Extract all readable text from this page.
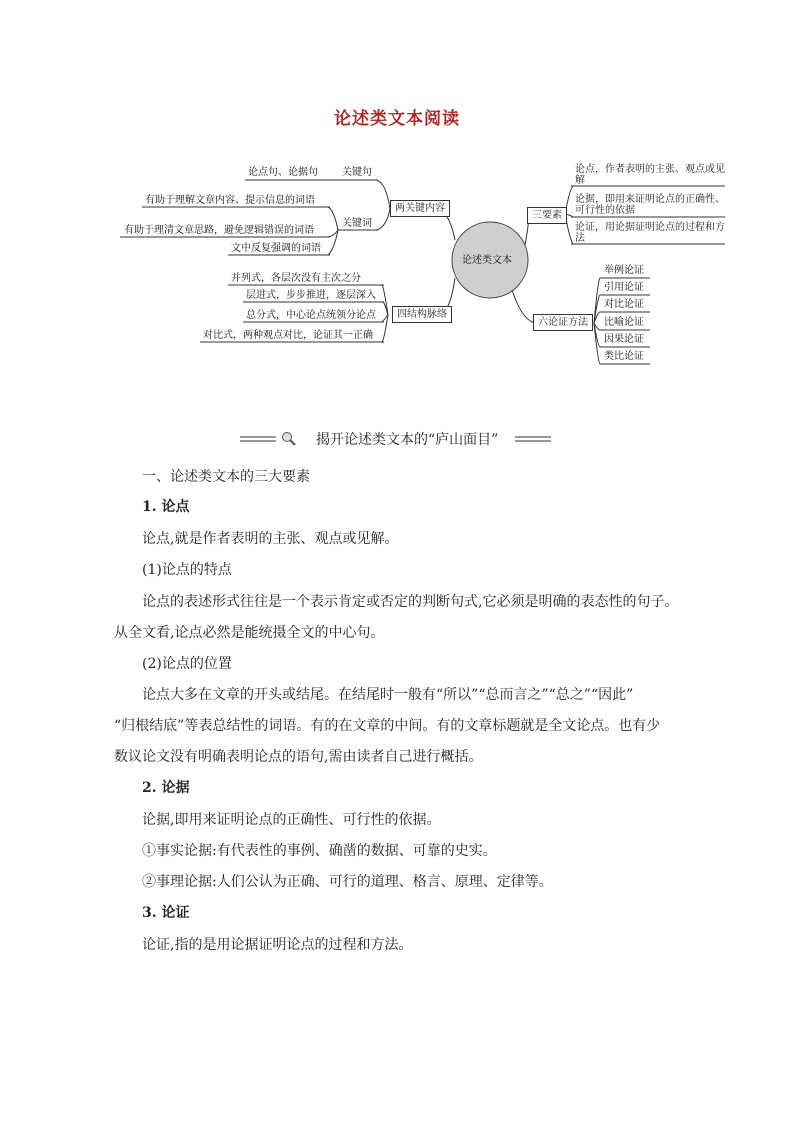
论述类文本阅读
论述类文本
两关键内容
关键句
论点句、论据句
关键词
有助于理解文章内容、提示信息的词语
有助于理清文章思路，避免逻辑错误的词语
文中反复强调的词语
四结构脉络
并列式，各层次没有主次之分
层进式，步步推进，逐层深入
总分式，中心论点统领分论点
对比式，两种观点对比，论证其一正确
三要素
论点，作者表明的主张、观点或见解
论据，即用来证明论点的正确性、可行性的依据
论证，用论据证明论点的过程和方法
六论证方法
举例论证
引用论证
对比论证
比喻论证
因果论证
类比论证
揭开论述类文本的“庐山面目”
一、论述类文本的三大要素
1. 论点
论点,就是作者表明的主张、观点或见解。
(1)论点的特点
论点的表述形式往往是一个表示肯定或否定的判断句式,它必须是明确的表态性的句子。
从全文看,论点必然是能统摄全文的中心句。
(2)论点的位置
论点大多在文章的开头或结尾。在结尾时一般有“所以”“总而言之”“总之”“因此”
“归根结底”等表总结性的词语。有的在文章的中间。有的文章标题就是全文论点。也有少
数议论文没有明确表明论点的语句,需由读者自己进行概括。
2. 论据
论据,即用来证明论点的正确性、可行性的依据。
①事实论据:有代表性的事例、确凿的数据、可靠的史实。
②事理论据:人们公认为正确、可行的道理、格言、原理、定律等。
3. 论证
论证,指的是用论据证明论点的过程和方法。
